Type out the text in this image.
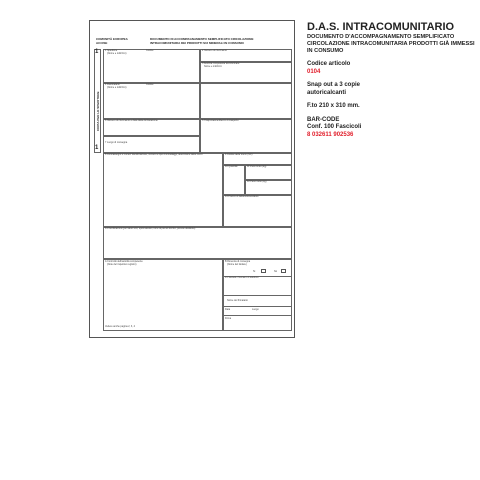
COMUNITÀ EUROPEA ACCISE
DOCUMENTO DI ACCOMPAGNAMENTO SEMPLIFICATO CIRCOLAZIONE INTRACOMUNITARIA DEI PRODOTTI SUI MINERALI IN CONSUMO
1
1
COPIA PER LO SPEDITORE
1 Speditore
(Nome e indirizzo)
Codice	2 Numero di riferimento
3 Autorità competente da informare
Nome e indirizzo
4 Destinatario
(Nome e indirizzo)
Codice
6 Numero di riferimento e data della dichiarazione	5 Trasportatore/Mezzo di trasporto
7 Luogo di consegna
8 Contrassegni e numeri Identificazione, numero e tipo di imballaggi, descrizione delle merci	9 Codice delle merci (NC)
10 Quantità	11 Peso lordo (kg)
12 Peso netto (kg)
13 Prezzo di fatturazione/valore
14 Certificazioni (per taluni vini, spiriti alcolici, birre di piccoli birrifici, piccole distillerie)
A Controllo dell'autorità competente
(Note del rispettivo registro)
Vedere anche pagina 2, 3, 4
B Ricevuta di consegna
(Nome del titolare)
Sì	No
15 Società / Numero di telefono
Nome del firmatario
Data	Luogo
Firma
D.A.S. INTRACOMUNITARIO
DOCUMENTO D'ACCOMPAGNAMENTO SEMPLIFICATO CIRCOLAZIONE INTRACOMUNITARIA PRODOTTI GIÀ IMMESSI IN CONSUMO
Codice articolo
0104
Snap out a 3 copie
autoricalcanti
F.to 210 x 310 mm.
BAR-CODE
Conf. 100 Fascicoli
8 032611 902536
